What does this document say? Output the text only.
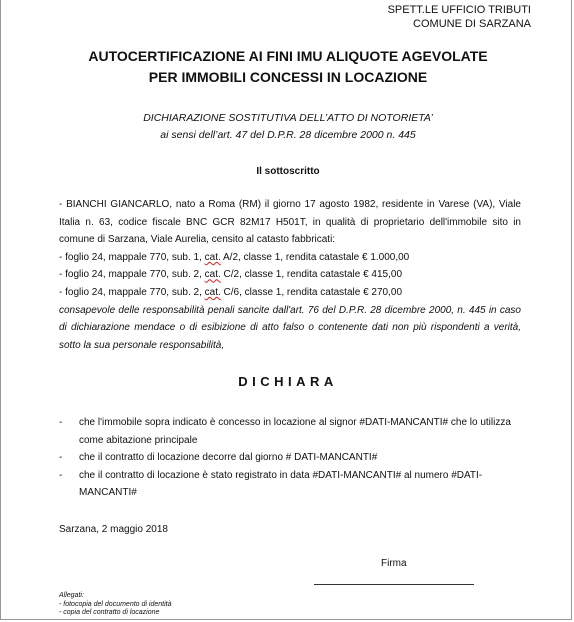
SPETT.LE UFFICIO TRIBUTI
COMUNE DI SARZANA
AUTOCERTIFICAZIONE AI FINI IMU ALIQUOTE AGEVOLATE
PER IMMOBILI CONCESSI IN LOCAZIONE
DICHIARAZIONE SOSTITUTIVA DELL’ATTO DI NOTORIETA’
ai sensi dell’art. 47 del D.P.R. 28 dicembre 2000 n. 445
Il sottoscritto

- BIANCHI GIANCARLO, nato a Roma (RM) il giorno 17 agosto 1982, residente in Varese (VA), Viale Italia n. 63, codice fiscale BNC GCR 82M17 H501T, in qualità di proprietario dell'immobile sito in comune di Sarzana, Viale Aurelia, censito al catasto fabbricati:

- foglio 24, mappale 770, sub. 1, cat. A/2, classe 1, rendita catastale € 1.000,00

- foglio 24, mappale 770, sub. 2, cat. C/2, classe 1, rendita catastale € 415,00

- foglio 24, mappale 770, sub. 2, cat. C/6, classe 1, rendita catastale € 270,00

consapevole delle responsabilità penali sancite dall'art. 76 del D.P.R. 28 dicembre 2000, n. 445 in caso di dichiarazione mendace o di esibizione di atto falso o contenente dati non più rispondenti a verità, sotto la sua personale responsabilità,

DICHIARA
- che l'immobile sopra indicato è concesso in locazione al signor #DATI-MANCANTI# che lo utilizza come abitazione principale
- che il contratto di locazione decorre dal giorno # DATI-MANCANTI#
- che il contratto di locazione è stato registrato in data #DATI-MANCANTI# al numero #DATI-MANCANTI#
Sarzana, 2 maggio 2018
Firma
Allegati:
- fotocopia del documento di identità
- copia del contratto di locazione
